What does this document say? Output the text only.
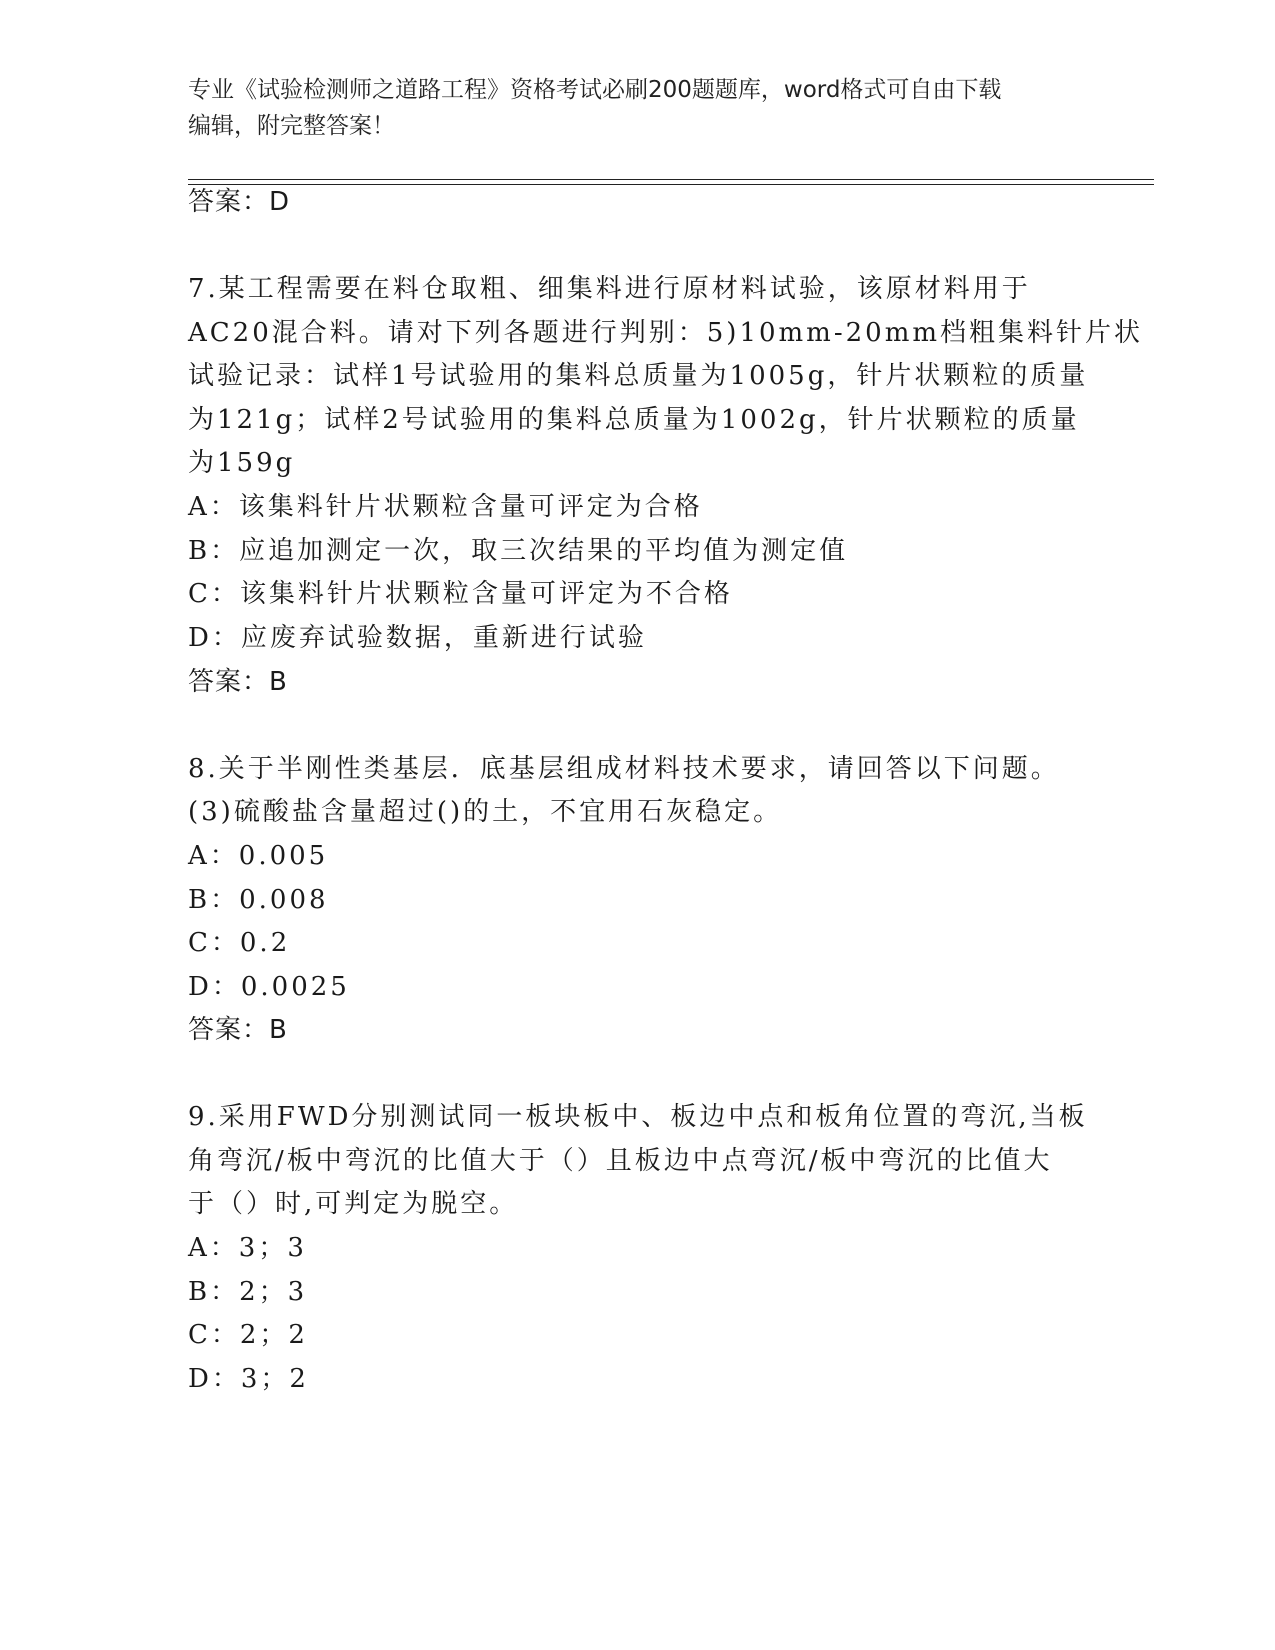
专业《试验检测师之道路工程》资格考试必刷200题题库，word格式可自由下载
编辑，附完整答案！
答案：D
7.某工程需要在料仓取粗、细集料进行原材料试验，该原材料用于
AC20混合料。请对下列各题进行判别：5)10mm-20mm档粗集料针片状
试验记录：试样1号试验用的集料总质量为1005g，针片状颗粒的质量
为121g；试样2号试验用的集料总质量为1002g，针片状颗粒的质量
为159g
A：该集料针片状颗粒含量可评定为合格
B：应追加测定一次，取三次结果的平均值为测定值
C：该集料针片状颗粒含量可评定为不合格
D：应废弃试验数据，重新进行试验
答案：B
8.关于半刚性类基层．底基层组成材料技术要求，请回答以下问题。
(3)硫酸盐含量超过()的土，不宜用石灰稳定。
A：0.005
B：0.008
C：0.2
D：0.0025
答案：B
9.采用FWD分别测试同一板块板中、板边中点和板角位置的弯沉,当板
角弯沉/板中弯沉的比值大于（）且板边中点弯沉/板中弯沉的比值大
于（）时,可判定为脱空。
A：3；3
B：2；3
C：2；2
D：3；2
